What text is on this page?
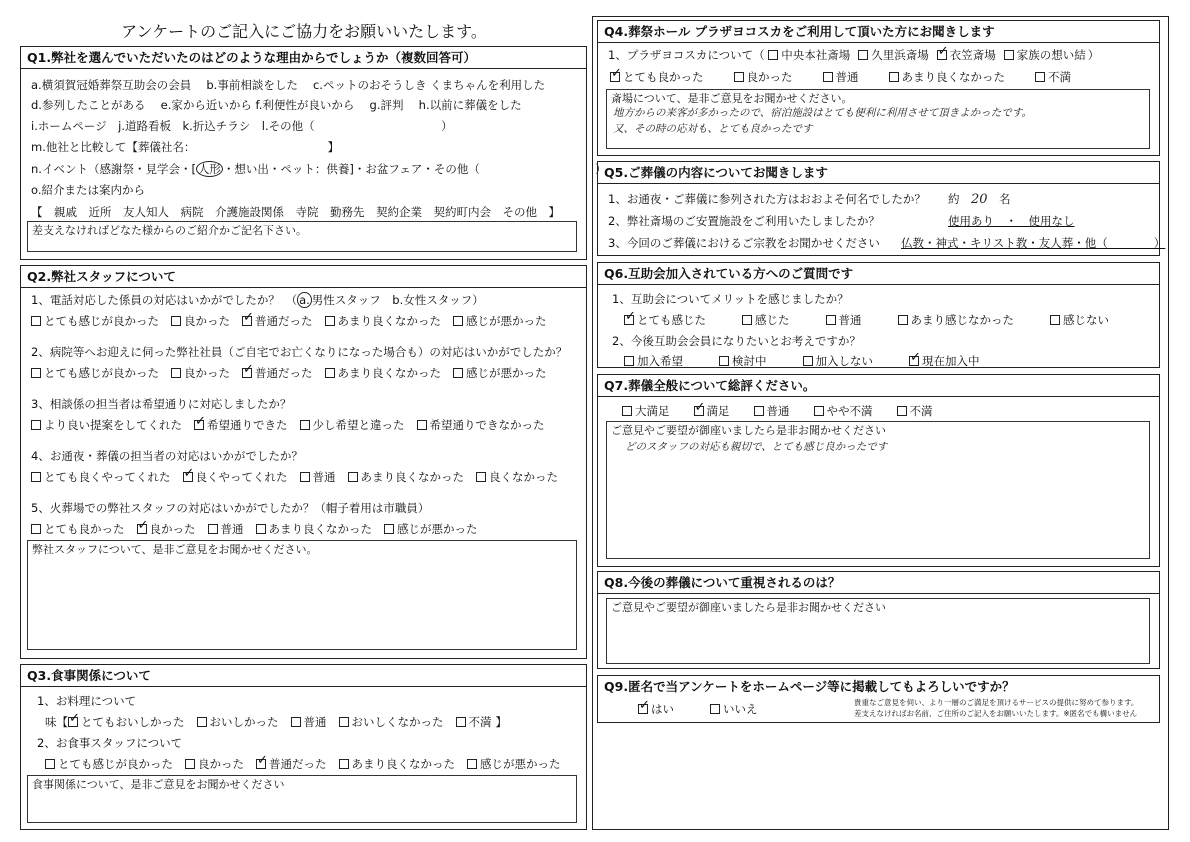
アンケートのご記入にご協力をお願いいたします。
Q1.弊社を選んでいただいたのはどのような理由からでしょうか（複数回答可）
a.横須賀冠婚葬祭互助会の会員　 b.事前相談をした　 c.ペットのおそうしき くまちゃんを利用した
d.参列したことがある　 e.家から近いから f.利便性が良いから　 g.評判　 h.以前に葬儀をした
i.ホームページ　j.道路看板　k.折込チラシ　l.その他（　　　　　　　　　　　）
m.他社と比較して【葬儀社名：　　　　　　　　　　　　】
n.イベント（感謝祭・見学会・[ 人形 ・想い出・ペット：供養]・お盆フェア・その他（　　　　　　　　　　）
o.紹介または案内から
【　親戚　近所　友人知人　病院　介護施設関係　寺院　勤務先　契約企業　契約町内会　その他　】
差支えなければどなた様からのご紹介かご記名下さい。
Q2.弊社スタッフについて
1、電話対応した係員の対応はいかがでしたか？　（ a. 男性スタッフ　b.女性スタッフ）
とても感じが良かった 良かった ✓ 普通だった あまり良くなかった 感じが悪かった
2、病院等へお迎えに伺った弊社社員（ご自宅でお亡くなりになった場合も）の対応はいかがでしたか？
とても感じが良かった 良かった ✓ 普通だった あまり良くなかった 感じが悪かった
3、相談係の担当者は希望通りに対応しましたか？
より良い提案をしてくれた ✓ 希望通りできた 少し希望と違った 希望通りできなかった
4、お通夜・葬儀の担当者の対応はいかがでしたか？
とても良くやってくれた ✓ 良くやってくれた 普通 あまり良くなかった 良くなかった
5、火葬場での弊社スタッフの対応はいかがでしたか？（帽子着用は市職員）
とても良かった ✓ 良かった 普通 あまり良くなかった 感じが悪かった
弊社スタッフについて、是非ご意見をお聞かせください。
Q3.食事関係について
1、お料理について
味【 ✓ とてもおいしかった おいしかった 普通 おいしくなかった 不満 】
2、お食事スタッフについて
とても感じが良かった 良かった ✓ 普通だった あまり良くなかった 感じが悪かった
食事関係について、是非ご意見をお聞かせください
Q4.葬祭ホール プラザヨコスカをご利用して頂いた方にお聞きします
1、プラザヨコスカについて（ 中央本社斎場 久里浜斎場 ✓ 衣笠斎場 家族の想い結 ）
✓とても良かった	良かった	普通	あまり良くなかった	不満
斎場について、是非ご意見をお聞かせください。
地方からの来客が多かったので、宿泊施設はとても便利に利用させて頂きよかったです。
又、その時の応対も、とても良かったです
Q5.ご葬儀の内容についてお聞きします
1、お通夜・ご葬儀に参列された方はおおよそ何名でしたか？ 約　 20　 名
2、弊社斎場のご安置施設をご利用いたしましたか？	使用あり　・　使用なし
3、今回のご葬儀におけるご宗教をお聞かせください 仏教・神式・キリスト教・友人葬・他（　　　　）
Q6.互助会加入されている方へのご質問です
1、互助会についてメリットを感じましたか？
✓とても感じた	感じた	普通	あまり感じなかった	感じない
2、今後互助会会員になりたいとお考えですか？
加入希望	検討中	加入しない ✓	現在加入中
Q7.葬儀全般について総評ください。
大満足 ✓	満足	普通	やや不満	不満
ご意見やご要望が御座いましたら是非お聞かせください
どのスタッフの対応も親切で、とても感じ良かったです
Q8.今後の葬儀について重視されるのは？
ご意見やご要望が御座いましたら是非お聞かせください
Q9.匿名で当アンケートをホームページ等に掲載してもよろしいですか？
✓はい	いいえ	貴重なご意見を伺い、より一層のご満足を頂けるサービスの提供に努めて参ります。
差支えなければお名前、ご住所のご記入をお願いいたします。※匿名でも構いません
